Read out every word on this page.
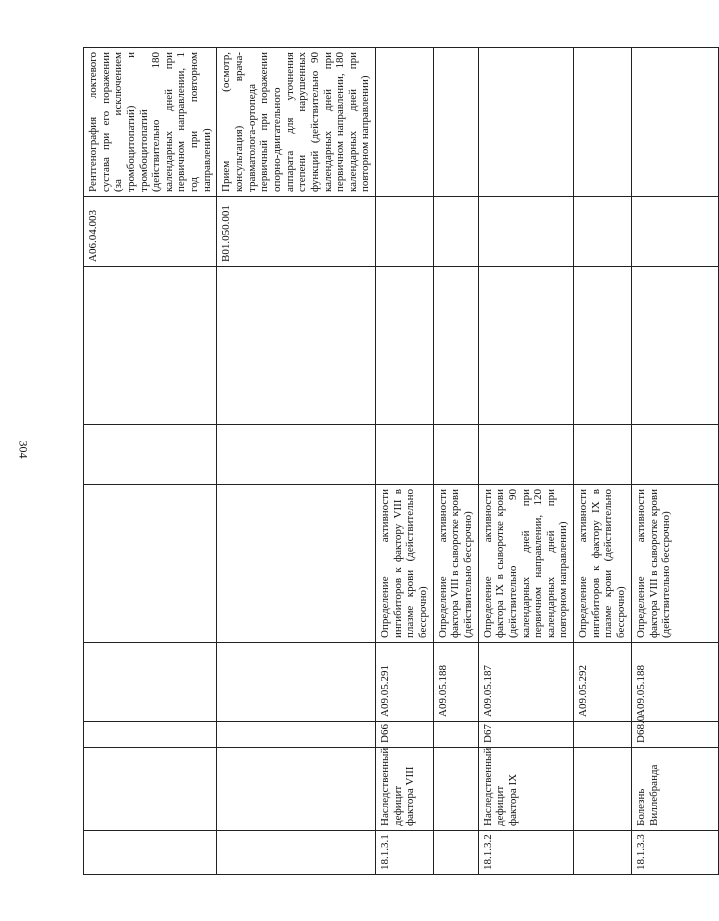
304
							A06.04.003	Рентгенография локтевого сустава при его поражении (за исключением тромбоцитопатий) и тромбоцитопатий (действительно 180 календарных дней при первичном направлении, 1 год при повторном направлении)
							B01.050.001	Прием (осмотр, консультация) врача-травматолога-ортопеда первичный при поражении опорно-двигательного аппарата для уточнения степени нарушенных функций (действительно 90 календарных дней при первичном направлении, 180 календарных дней при повторном направлении)
18.1.3.1	Наследственный дефицит фактора VIII	D66	A09.05.291	Определение активности ингибиторов к фактору VIII в плазме крови (действительно бессрочно)				
			A09.05.188	Определение активности фактора VIII в сыворотке крови (действительно бессрочно)				
18.1.3.2	Наследственный дефицит фактора IX	D67	A09.05.187	Определение активности фактора IX в сыворотке крови (действительно 90 календарных дней при первичном направлении, 120 календарных дней при повторном направлении)				
			A09.05.292	Определение активности ингибиторов к фактору IX в плазме крови (действительно бессрочно)				
18.1.3.3	Болезнь Виллебранда	D68.0	A09.05.188	Определение активности фактора VIII в сыворотке крови (действительно бессрочно)				
